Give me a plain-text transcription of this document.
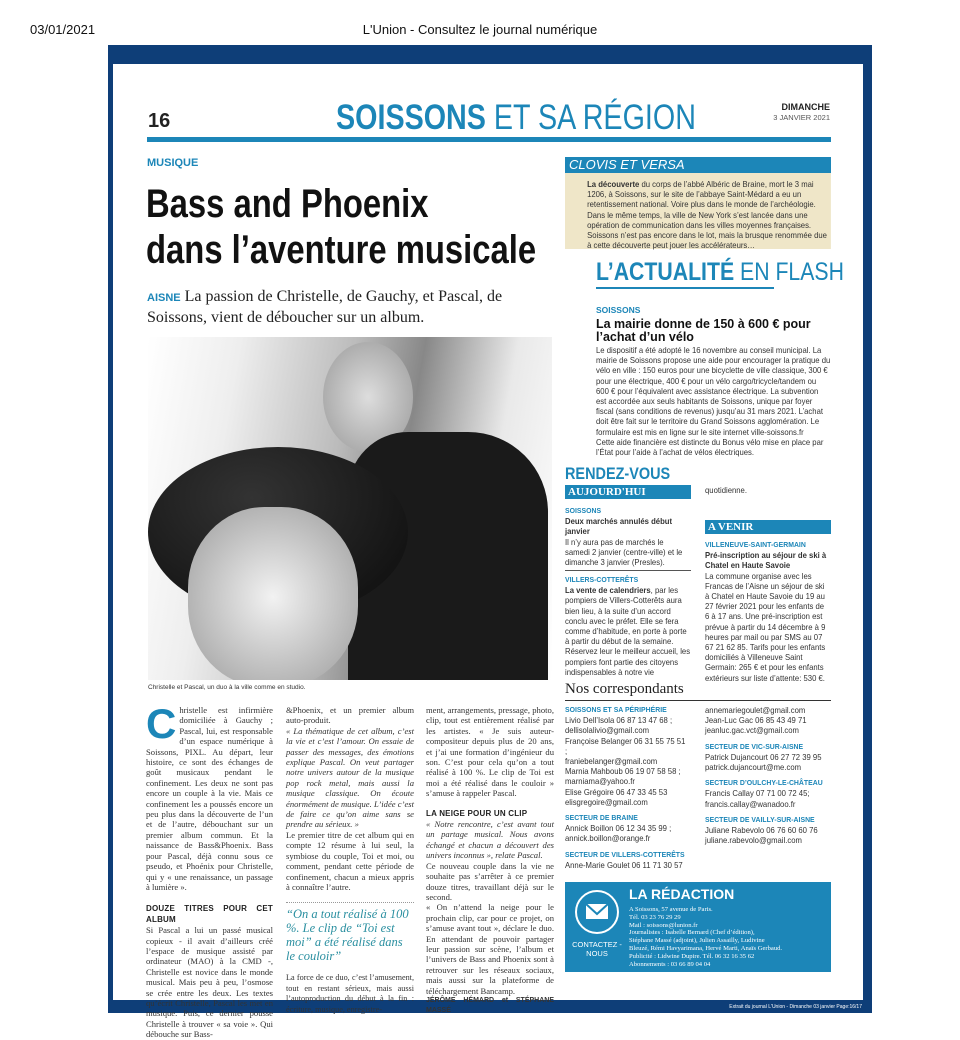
03/01/2021	L'Union - Consultez le journal numérique
16	SOISSONS ET SA RÉGION	DIMANCHE
3 JANVIER 2021
MUSIQUE
Bass and Phoenix
dans l’aventure musicale
AISNE La passion de Christelle, de Gauchy, et Pascal, de Soissons, vient de déboucher sur un album.
Christelle et Pascal, un duo à la ville comme en studio.
C hristelle est infirmière domiciliée à Gauchy ; Pascal, lui, est responsable d’un espace numérique à Soissons, PIXL. Au départ, leur histoire, ce sont des échanges de goût musicaux pendant le confinement. Les deux ne sont pas encore un couple à la vie. Mais ce confinement les a poussés encore un peu plus dans la découverte de l’un et de l’autre, débouchant sur un premier album commun. Et la naissance de Bass&Phoenix. Bass pour Pascal, déjà connu sous ce pseudo, et Phoénix pour Christelle, qui y « une renaissance, un passage à lumière ».
DOUZE TITRES POUR CET ALBUM
Si Pascal a lui un passé musical copieux - il avait d’ailleurs créé l’espace de musique assisté par ordinateur (MAO) à la CMD -, Christelle est novice dans le monde musical. Mais peu à peu, l’osmose se crée entre les deux. Les textes qu’écrit Christelle, Pascal les met en musique. Puis, ce dernier pousse Christelle à trouver « sa voie ». Qui débouche sur Bass-
&Phoenix, et un premier album auto-produit.
« La thématique de cet album, c’est la vie et c’est l’amour. On essaie de passer des messages, des émotions explique Pascal. On veut partager notre univers autour de la musique pop rock metal, mais aussi la musique classique. On écoute énormément de musique. L’idée c’est de faire ce qu’on aime sans se prendre au sérieux. »
Le premier titre de cet album qui en compte 12 résume à lui seul, la symbiose du couple, Toi et moi, ou comment, pendant cette période de confinement, chacun a mieux appris à connaître l’autre.
“On a tout réalisé à 100 %. Le clip de “Toi est moi” a été réalisé dans le couloir”
La force de ce duo, c’est l’amusement, tout en restant sérieux, mais aussi l’autoproduction du début à la fin : écriture, musique, enregistre-
ment, arrangements, pressage, photo, clip, tout est entièrement réalisé par les artistes. « Je suis auteur-compositeur depuis plus de 20 ans, et j’ai une formation d’ingénieur du son. C’est pour cela qu’on a tout réalisé à 100 %. Le clip de Toi est moi a été réalisé dans le couloir » s’amuse à rappeler Pascal.
LA NEIGE POUR UN CLIP
« Notre rencontre, c’est avant tout un partage musical. Nous avons échangé et chacun a découvert des univers inconnus », relate Pascal.
Ce nouveau couple dans la vie ne souhaite pas s’arrêter à ce premier douze titres, travaillant déjà sur le second.
« On n’attend la neige pour le prochain clip, car pour ce projet, on s’amuse avant tout », déclare le duo. En attendant de pouvoir partager leur passion sur scène, l’album et l’univers de Bass and Phoenix sont à retrouver sur les réseaux sociaux, mais aussi sur la plateforme de téléchargement Bancamp.
JÉRÔME HÉMARD et STÉPHANE MASSÉ
CLOVIS ET VERSA
La découverte du corps de l’abbé Albéric de Braine, mort le 3 mai 1206, à Soissons, sur le site de l’abbaye Saint-Médard a eu un retentissement national. Voire plus dans le monde de l’archéologie. Dans le même temps, la ville de New York s’est lancée dans une opération de communication dans les villes moyennes françaises. Soissons n’est pas encore dans le lot, mais la brusque renommée due à cette découverte peut jouer les accélérateurs…
L’ACTUALITÉ EN FLASH
SOISSONS
La mairie donne de 150 à 600 € pour l’achat d’un vélo
Le dispositif a été adopté le 16 novembre au conseil municipal. La mairie de Soissons propose une aide pour encourager la pratique du vélo en ville : 150 euros pour une bicyclette de ville classique, 300 € pour une électrique, 400 € pour un vélo cargo/tricycle/tandem ou 600 € pour l’équivalent avec assistance électrique. La subvention est accordée aux seuls habitants de Soissons, unique par foyer fiscal (sans conditions de revenus) jusqu’au 31 mars 2021. L’achat doit être fait sur le territoire du Grand Soissons agglomération. Le formulaire est mis en ligne sur le site internet ville-soissons.fr
Cette aide financière est distincte du Bonus vélo mise en place par l’État pour l’aide à l’achat de vélos électriques.
RENDEZ-VOUS
AUJOURD'HUI
SOISSONS
Deux marchés annulés début janvier
Il n’y aura pas de marchés le samedi 2 janvier (centre-ville) et le dimanche 3 janvier (Presles).
VILLERS-COTTERÊTS
La vente de calendriers, par les pompiers de Villers-Cotterêts aura bien lieu, à la suite d’un accord conclu avec le préfet. Elle se fera comme d’habitude, en porte à porte à partir du début de la semaine. Réservez leur le meilleur accueil, les pompiers font partie des citoyens indispensables à notre vie
quotidienne.
A VENIR
VILLENEUVE-SAINT-GERMAIN
Pré-inscription au séjour de ski à Chatel en Haute Savoie
La commune organise avec les Francas de l’Aisne un séjour de ski à Chatel en Haute Savoie du 19 au 27 février 2021 pour les enfants de 6 à 17 ans. Une pré-inscription est prévue à partir du 14 décembre à 9 heures par mail ou par SMS au 07 67 21 62 85. Tarifs pour les enfants domiciliés à Villeneuve Saint Germain: 265 € et pour les enfants extérieurs sur liste d’attente: 530 €.
Nos correspondants
SOISSONS ET SA PÉRIPHÉRIE
Livio Dell’Isola 06 87 13 47 68 ;
dellisolalivio@gmail.com
Françoise Belanger 06 31 55 75 51 ;
franiebelanger@gmail.com
Marnia Mahboub 06 19 07 58 58 ;
marniama@yahoo.fr
Elise Grégoire 06 47 33 45 53
elisgregoire@gmail.com
SECTEUR DE BRAINE
Annick Boillon 06 12 34 35 99 ;
annick.boillon@orange.fr
SECTEUR DE VILLERS-COTTERÊTS
Anne-Marie Goulet 06 11 71 30 57
annemariegoulet@gmail.com
Jean-Luc Gac 06 85 43 49 71
jeanluc.gac.vct@gmail.com
SECTEUR DE VIC-SUR-AISNE
Patrick Dujancourt 06 27 72 39 95
patrick.dujancourt@me.com
SECTEUR D’OULCHY-LE-CHÂTEAU
Francis Callay 07 71 00 72 45;
francis.callay@wanadoo.fr
SECTEUR DE VAILLY-SUR-AISNE
Juliane Rabevolo 06 76 60 60 76
juliane.rabevolo@gmail.com
CONTACTEZ -NOUS
LA RÉDACTION
A Soissons, 57 avenue de Paris.
Tél. 03 23 76 29 29
Mail : soissons@lunion.fr
Journalistes : Isabelle Bernard (Chef d’édition),
Stéphane Massé (adjoint), Julien Assailly, Ludivine
Bleuzé, Rémi Havyarimana, Hervé Marti, Anaïs Gerbaud.
Publicité : Lidwine Dupire. Tél. 06 32 16 35 62
Abonnements : 03 66 89 04 04
Extrait du journal L'Union - Dimanche 03 janvier Page:16/17
